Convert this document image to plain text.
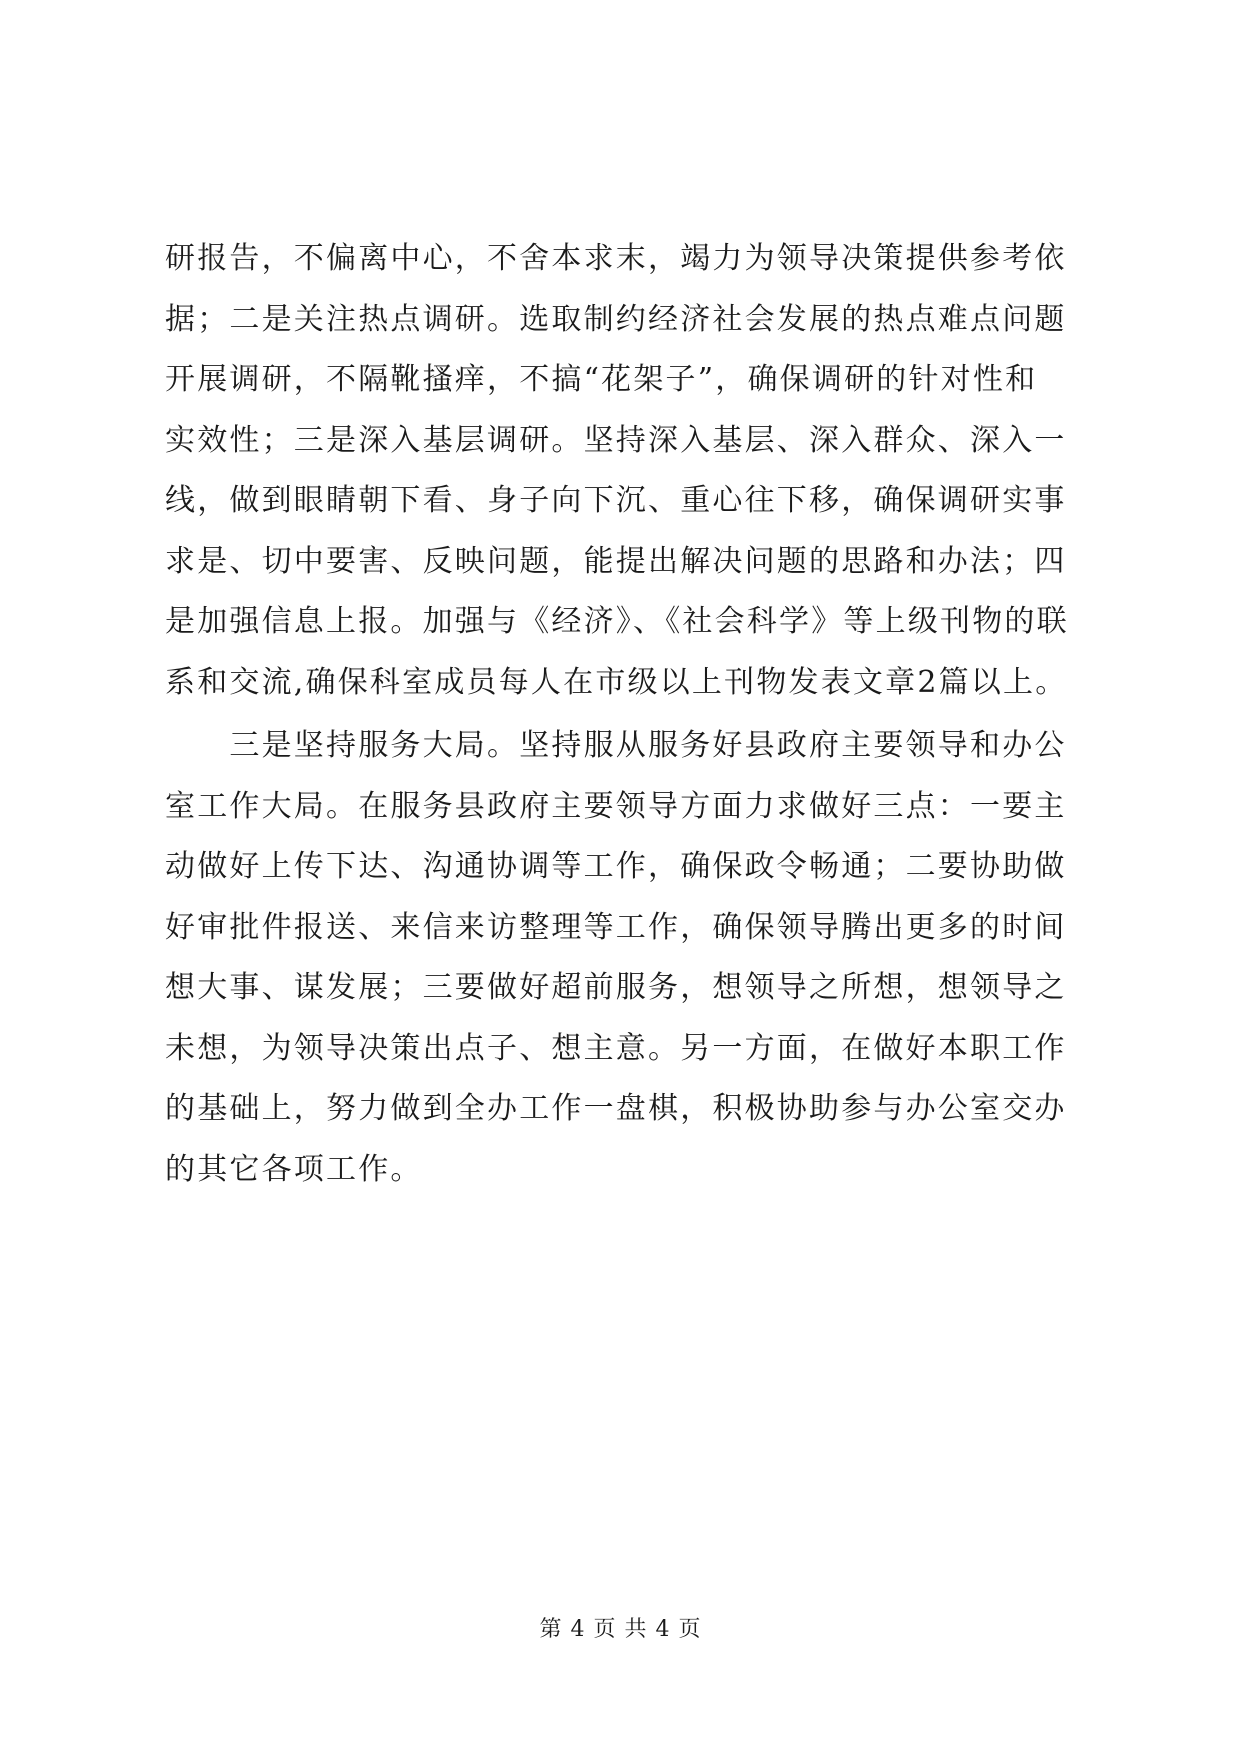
研报告，不偏离中心，不舍本求末，竭力为领导决策提供参考依
据；二是关注热点调研。选取制约经济社会发展的热点难点问题
开展调研，不隔靴搔痒，不搞“花架子”，确保调研的针对性和
实效性；三是深入基层调研。坚持深入基层、深入群众、深入一
线，做到眼睛朝下看、身子向下沉、重心往下移，确保调研实事
求是、切中要害、反映问题，能提出解决问题的思路和办法；四
是加强信息上报。加强与《经济》、《社会科学》等上级刊物的联
系和交流,确保科室成员每人在市级以上刊物发表文章2篇以上。
　　三是坚持服务大局。坚持服从服务好县政府主要领导和办公
室工作大局。在服务县政府主要领导方面力求做好三点：一要主
动做好上传下达、沟通协调等工作，确保政令畅通；二要协助做
好审批件报送、来信来访整理等工作，确保领导腾出更多的时间
想大事、谋发展；三要做好超前服务，想领导之所想，想领导之
未想，为领导决策出点子、想主意。另一方面，在做好本职工作
的基础上，努力做到全办工作一盘棋，积极协助参与办公室交办
的其它各项工作。
第 4 页 共 4 页
